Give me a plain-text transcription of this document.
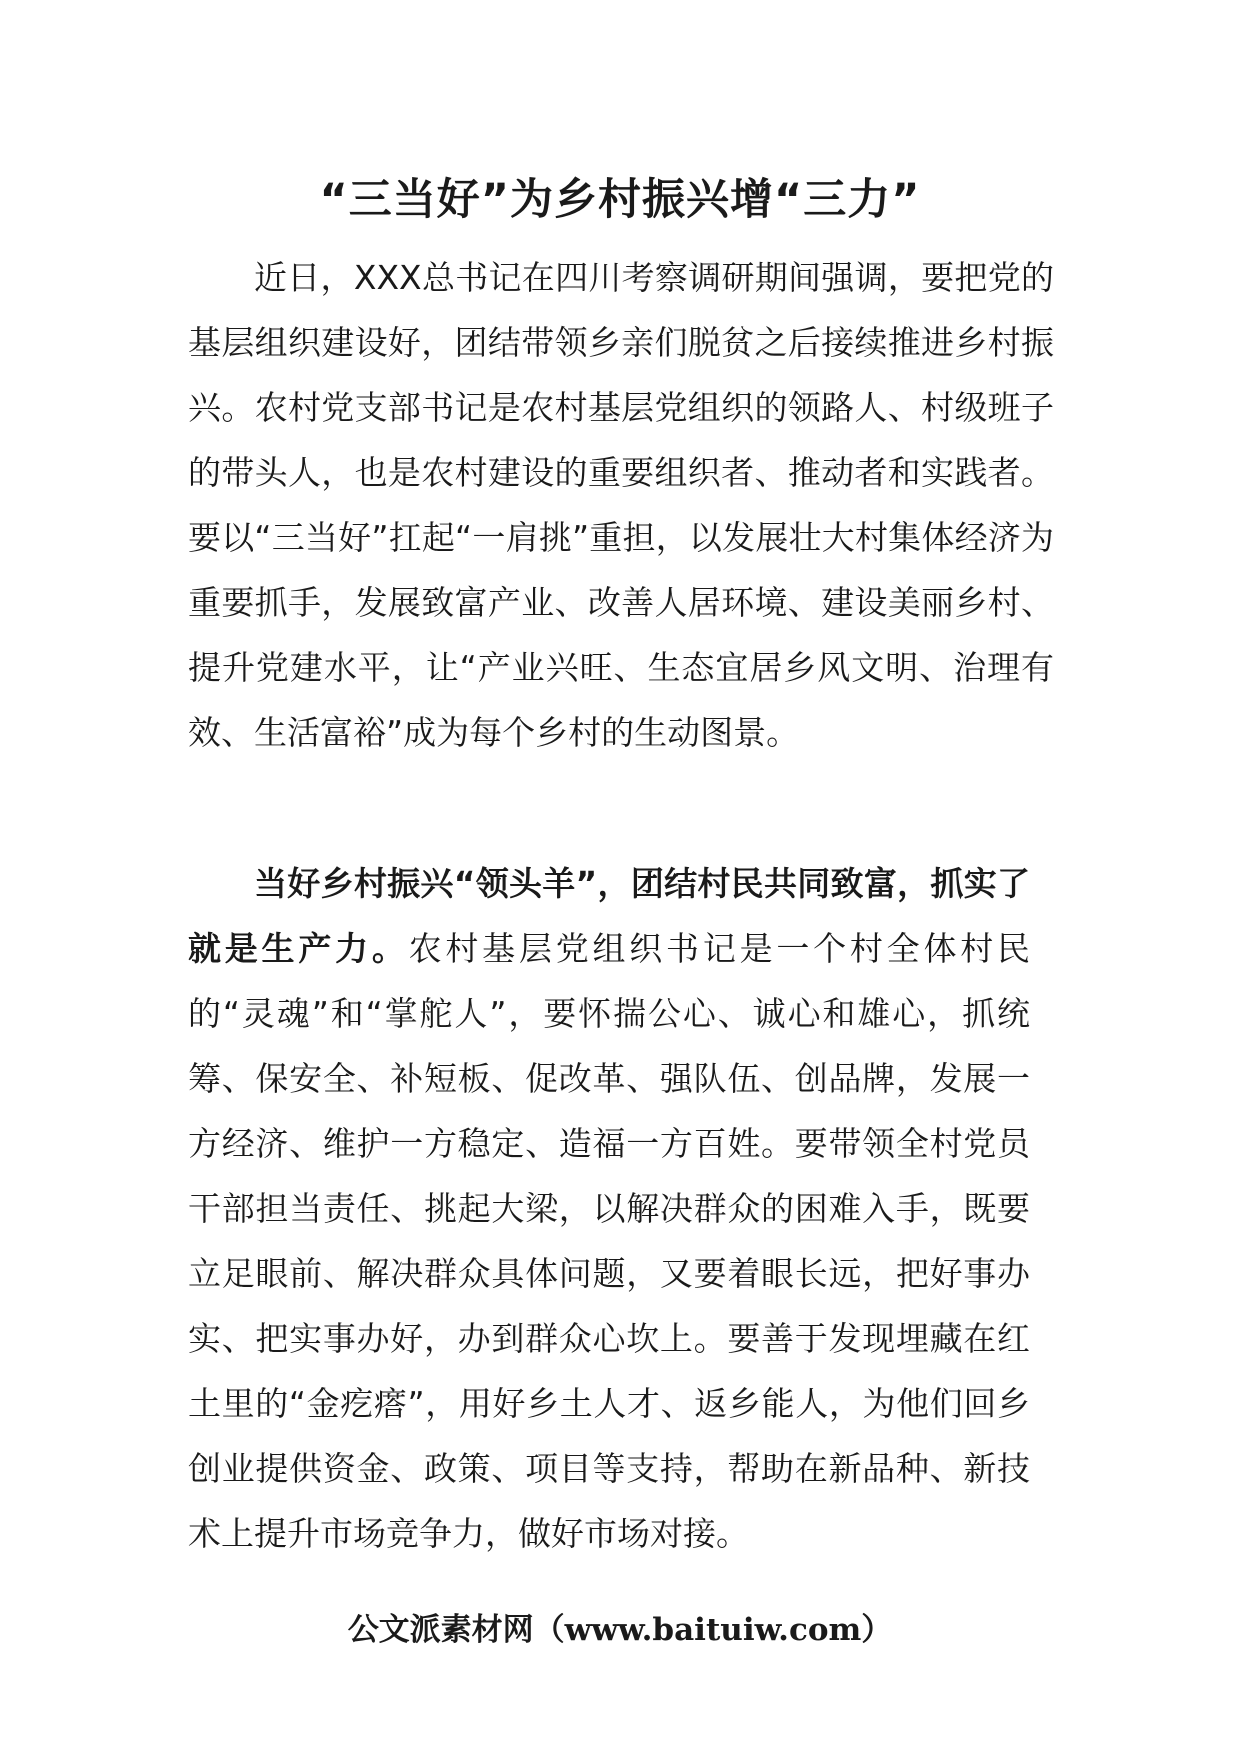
“三当好”为乡村振兴增“三力”

近日，XXX总书记在四川考察调研期间强调，要把党的基层组织建设好，团结带领乡亲们脱贫之后接续推进乡村振兴。农村党支部书记是农村基层党组织的领路人、村级班子的带头人，也是农村建设的重要组织者、推动者和实践者。要以“三当好”扛起“一肩挑”重担，以发展壮大村集体经济为重要抓手，发展致富产业、改善人居环境、建设美丽乡村、提升党建水平，让“产业兴旺、生态宜居乡风文明、治理有效、生活富裕”成为每个乡村的生动图景。

当好乡村振兴“领头羊”，团结村民共同致富，抓实了就是生产力。农村基层党组织书记是一个村全体村民的“灵魂”和“掌舵人”，要怀揣公心、诚心和雄心，抓统筹、保安全、补短板、促改革、强队伍、创品牌，发展一方经济、维护一方稳定、造福一方百姓。要带领全村党员干部担当责任、挑起大梁，以解决群众的困难入手，既要立足眼前、解决群众具体问题，又要着眼长远，把好事办实、把实事办好，办到群众心坎上。要善于发现埋藏在红土里的“金疙瘩”，用好乡土人才、返乡能人，为他们回乡创业提供资金、政策、项目等支持，帮助在新品种、新技术上提升市场竞争力，做好市场对接。

公文派素材网（www.baituiw.com）
